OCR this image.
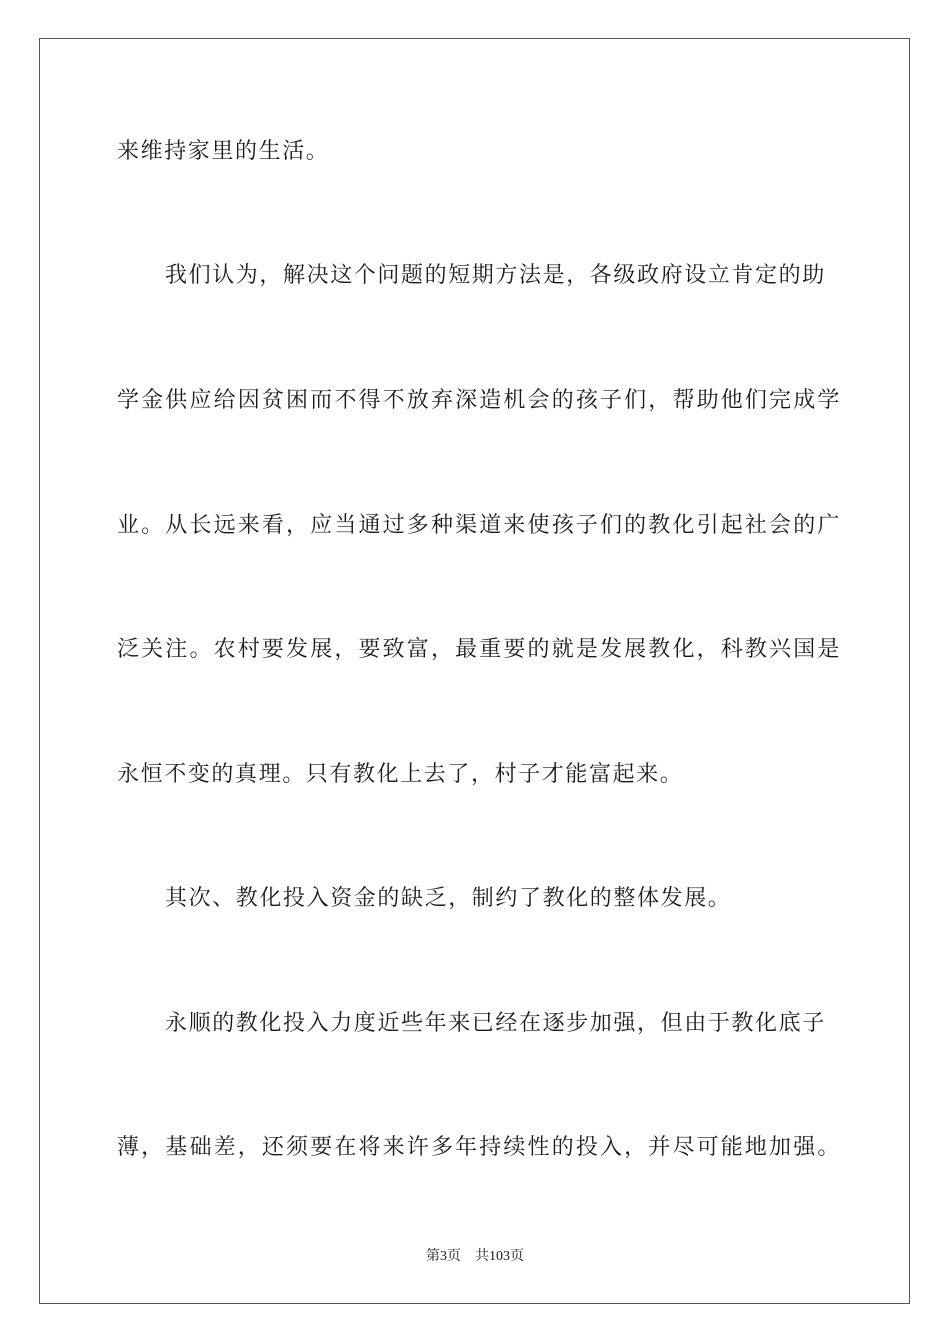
来维持家里的生活。
我们认为，解决这个问题的短期方法是，各级政府设立肯定的助
学金供应给因贫困而不得不放弃深造机会的孩子们，帮助他们完成学
业。从长远来看，应当通过多种渠道来使孩子们的教化引起社会的广
泛关注。农村要发展，要致富，最重要的就是发展教化，科教兴国是
永恒不变的真理。只有教化上去了，村子才能富起来。
其次、教化投入资金的缺乏，制约了教化的整体发展。
永顺的教化投入力度近些年来已经在逐步加强，但由于教化底子
薄，基础差，还须要在将来许多年持续性的投入，并尽可能地加强。
第3页 共103页
